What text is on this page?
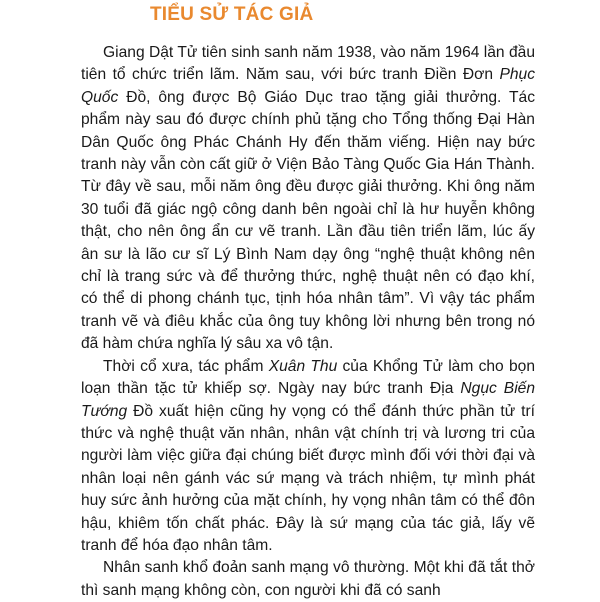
TIỂU SỬ TÁC GIẢ

Giang Dật Tử tiên sinh sanh năm 1938, vào năm 1964 lần đầu tiên tổ chức triển lãm. Năm sau, với bức tranh Điền Đơn Phục Quốc Đồ, ông được Bộ Giáo Dục trao tặng giải thưởng. Tác phẩm này sau đó được chính phủ tặng cho Tổng thống Đại Hàn Dân Quốc ông Phác Chánh Hy đến thăm viếng. Hiện nay bức tranh này vẫn còn cất giữ ở Viện Bảo Tàng Quốc Gia Hán Thành. Từ đây về sau, mỗi năm ông đều được giải thưởng. Khi ông năm 30 tuổi đã giác ngộ công danh bên ngoài chỉ là hư huyễn không thật, cho nên ông ẩn cư vẽ tranh. Lần đầu tiên triển lãm, lúc ấy ân sư là lão cư sĩ Lý Bình Nam dạy ông “nghệ thuật không nên chỉ là trang sức và để thưởng thức, nghệ thuật nên có đạo khí, có thể di phong chánh tục, tịnh hóa nhân tâm”. Vì vậy tác phẩm tranh vẽ và điêu khắc của ông tuy không lời nhưng bên trong nó đã hàm chứa nghĩa lý sâu xa vô tận.

Thời cổ xưa, tác phẩm Xuân Thu của Khổng Tử làm cho bọn loạn thần tặc tử khiếp sợ. Ngày nay bức tranh Địa Ngục Biến Tướng Đồ xuất hiện cũng hy vọng có thể đánh thức phần tử trí thức và nghệ thuật văn nhân, nhân vật chính trị và lương tri của người làm việc giữa đại chúng biết được mình đối với thời đại và nhân loại nên gánh vác sứ mạng và trách nhiệm, tự mình phát huy sức ảnh hưởng của mặt chính, hy vọng nhân tâm có thể đôn hậu, khiêm tốn chất phác. Đây là sứ mạng của tác giả, lấy vẽ tranh để hóa đạo nhân tâm.

Nhân sanh khổ đoản sanh mạng vô thường. Một khi đã tắt thở thì sanh mạng không còn, con người khi đã có sanh
